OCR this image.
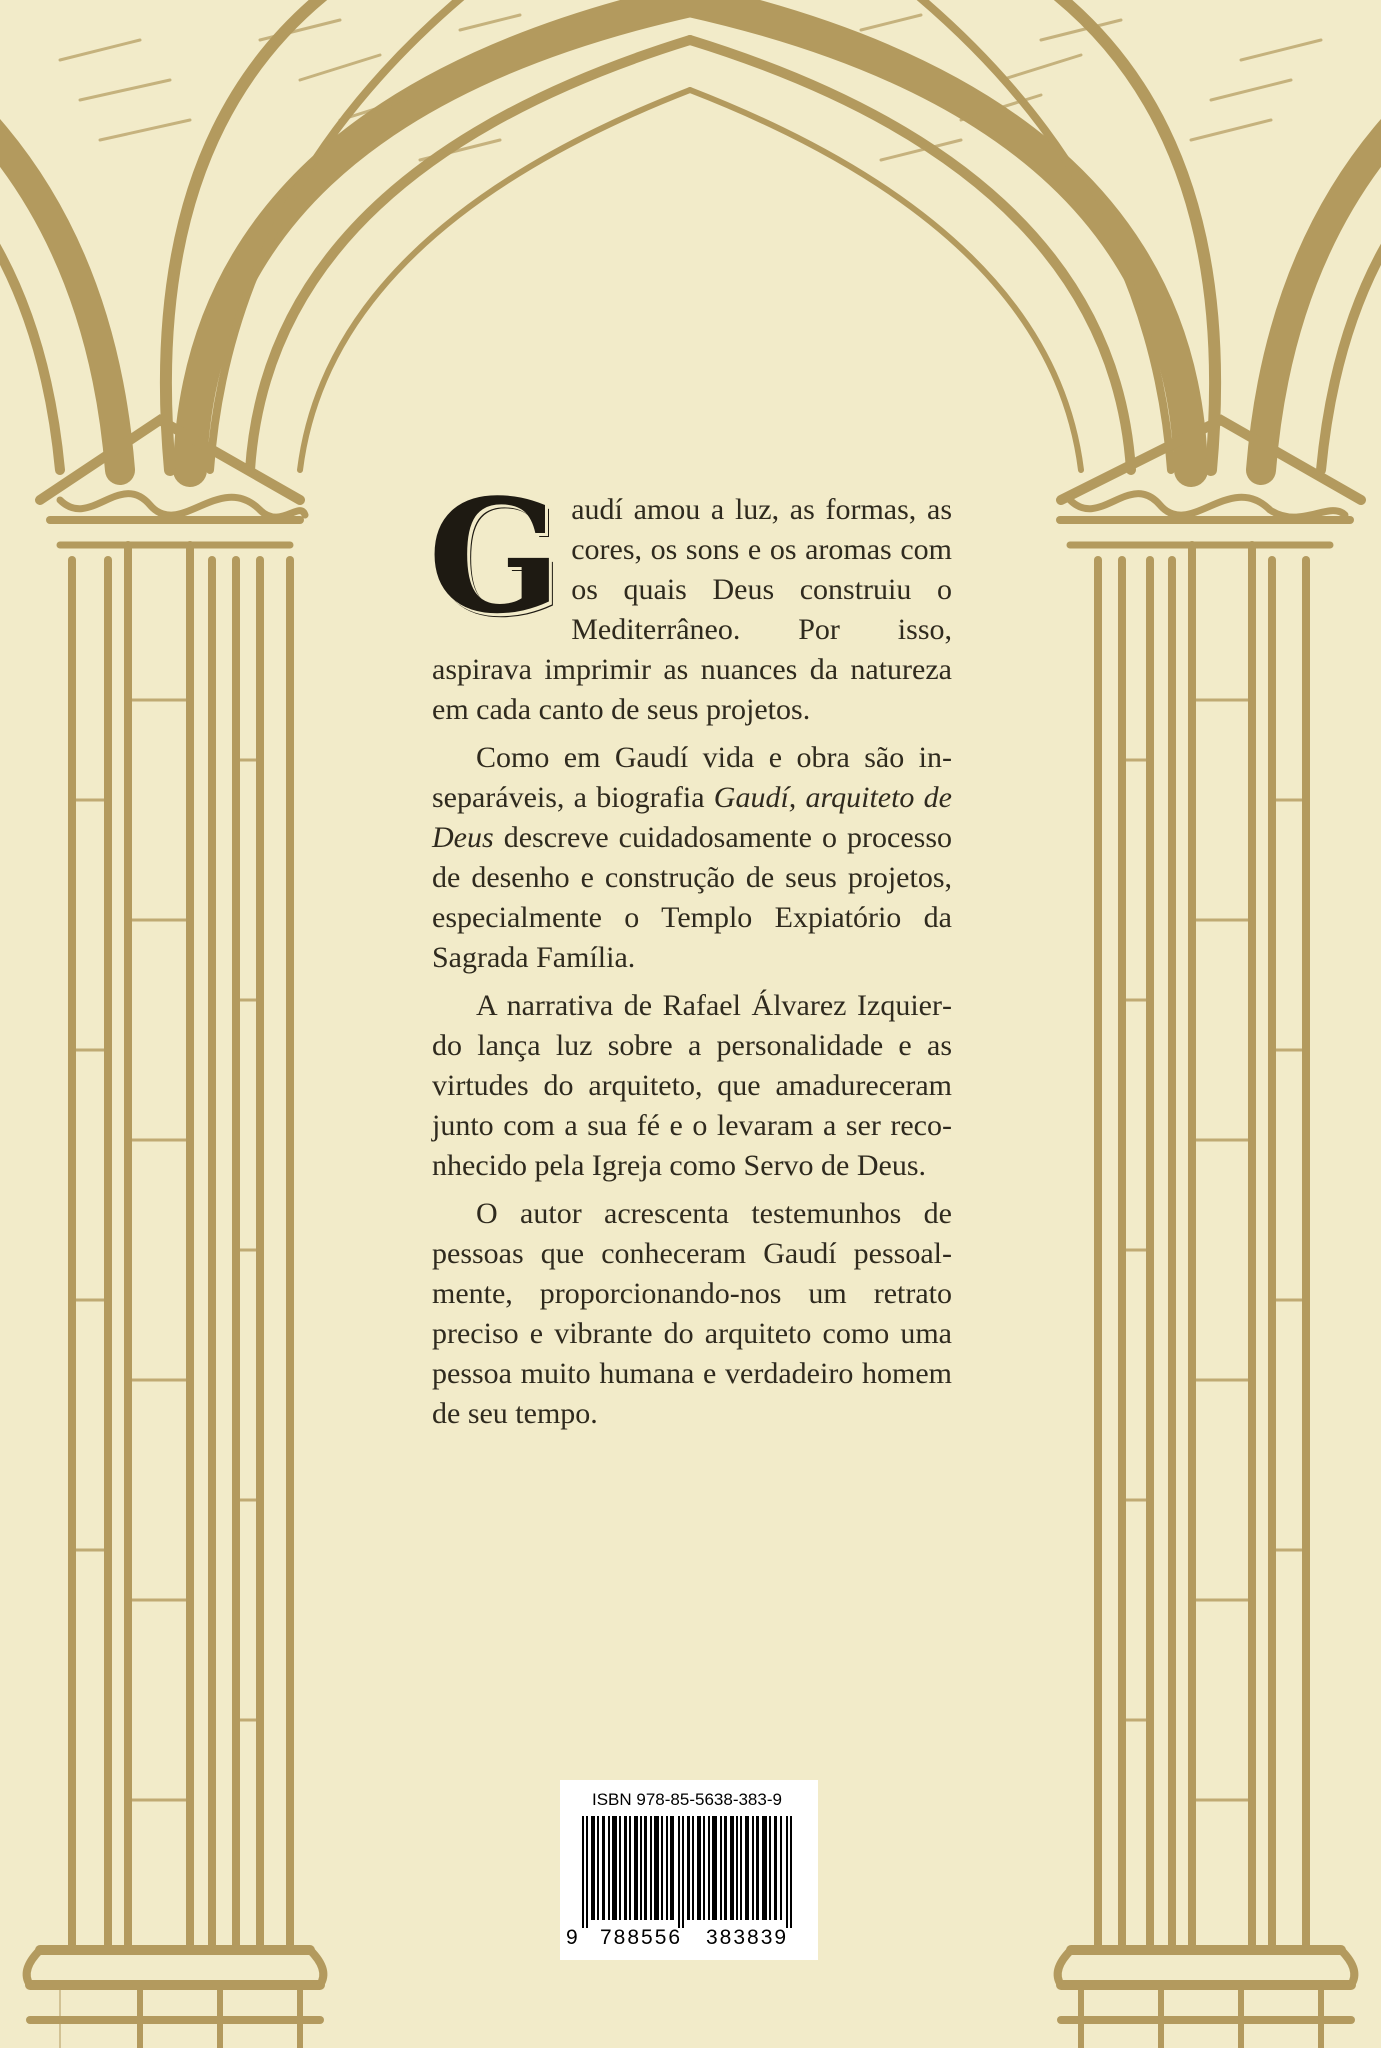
Gaudí amou a luz, as formas, as cores, os sons e os aromas com os quais Deus construiu o Mediterrâneo. Por isso, aspirava imprimir as nuances da natureza em cada canto de seus projetos.

Como em Gaudí vida e obra são inseparáveis, a biografia Gaudí, arquiteto de Deus descreve cuidadosamente o processo de desenho e construção de seus projetos, especialmente o Templo Expiatório da Sagrada Família.

A narrativa de Rafael Álvarez Izquierdo lança luz sobre a personalidade e as virtudes do arquiteto, que amadureceram junto com a sua fé e o levaram a ser reconhecido pela Igreja como Servo de Deus.

O autor acrescenta testemunhos de pessoas que conheceram Gaudí pessoalmente, proporcionando-nos um retrato preciso e vibrante do arquiteto como uma pessoa muito humana e verdadeiro homem de seu tempo.

ISBN 978-85-5638-383-9
9 788556 383839
